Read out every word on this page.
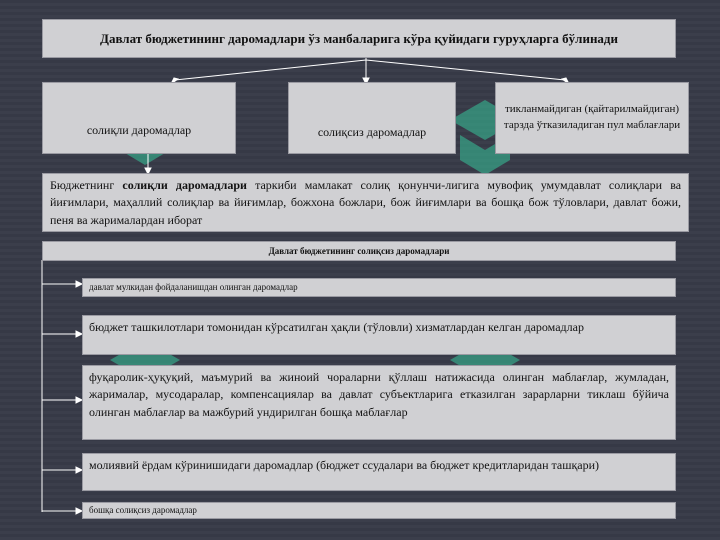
Давлат бюджетининг даромадлари ўз манбаларига кўра қуйидаги гуруҳларга бўлинади
солиқли даромадлар	солиқсиз даромадлар
тикланмайдиган (қайтарилмайдиган) тарзда ўтказиладиган пул маблағлари
Бюджетнинг солиқли даромадлари таркиби мамлакат солиқ қонунчи-лигига мувофиқ умумдавлат солиқлари ва йиғимлари, маҳаллий солиқлар ва йиғимлар, божхона божлари, бож йиғимлари ва бошқа бож тўловлари, давлат божи, пеня ва жарималардан иборат
Давлат бюджетининг солиқсиз даромадлари
давлат мулкидан фойдаланишдан олинган даромадлар
бюджет ташкилотлари томонидан кўрсатилган ҳақли (тўловли) хизматлардан келган даромадлар
фуқаролик-ҳуқуқий, маъмурий ва жиноий чораларни қўллаш натижасида олинган маблағлар, жумладан, жарималар, мусодаралар, компенсациялар ва давлат субъектларига етказилган зарарларни тиклаш бўйича олинган маблағлар ва мажбурий ундирилган бошқа маблағлар
молиявий ёрдам кўринишидаги даромадлар (бюджет ссудалари ва бюджет кредитларидан ташқари)
бошқа солиқсиз даромадлар
